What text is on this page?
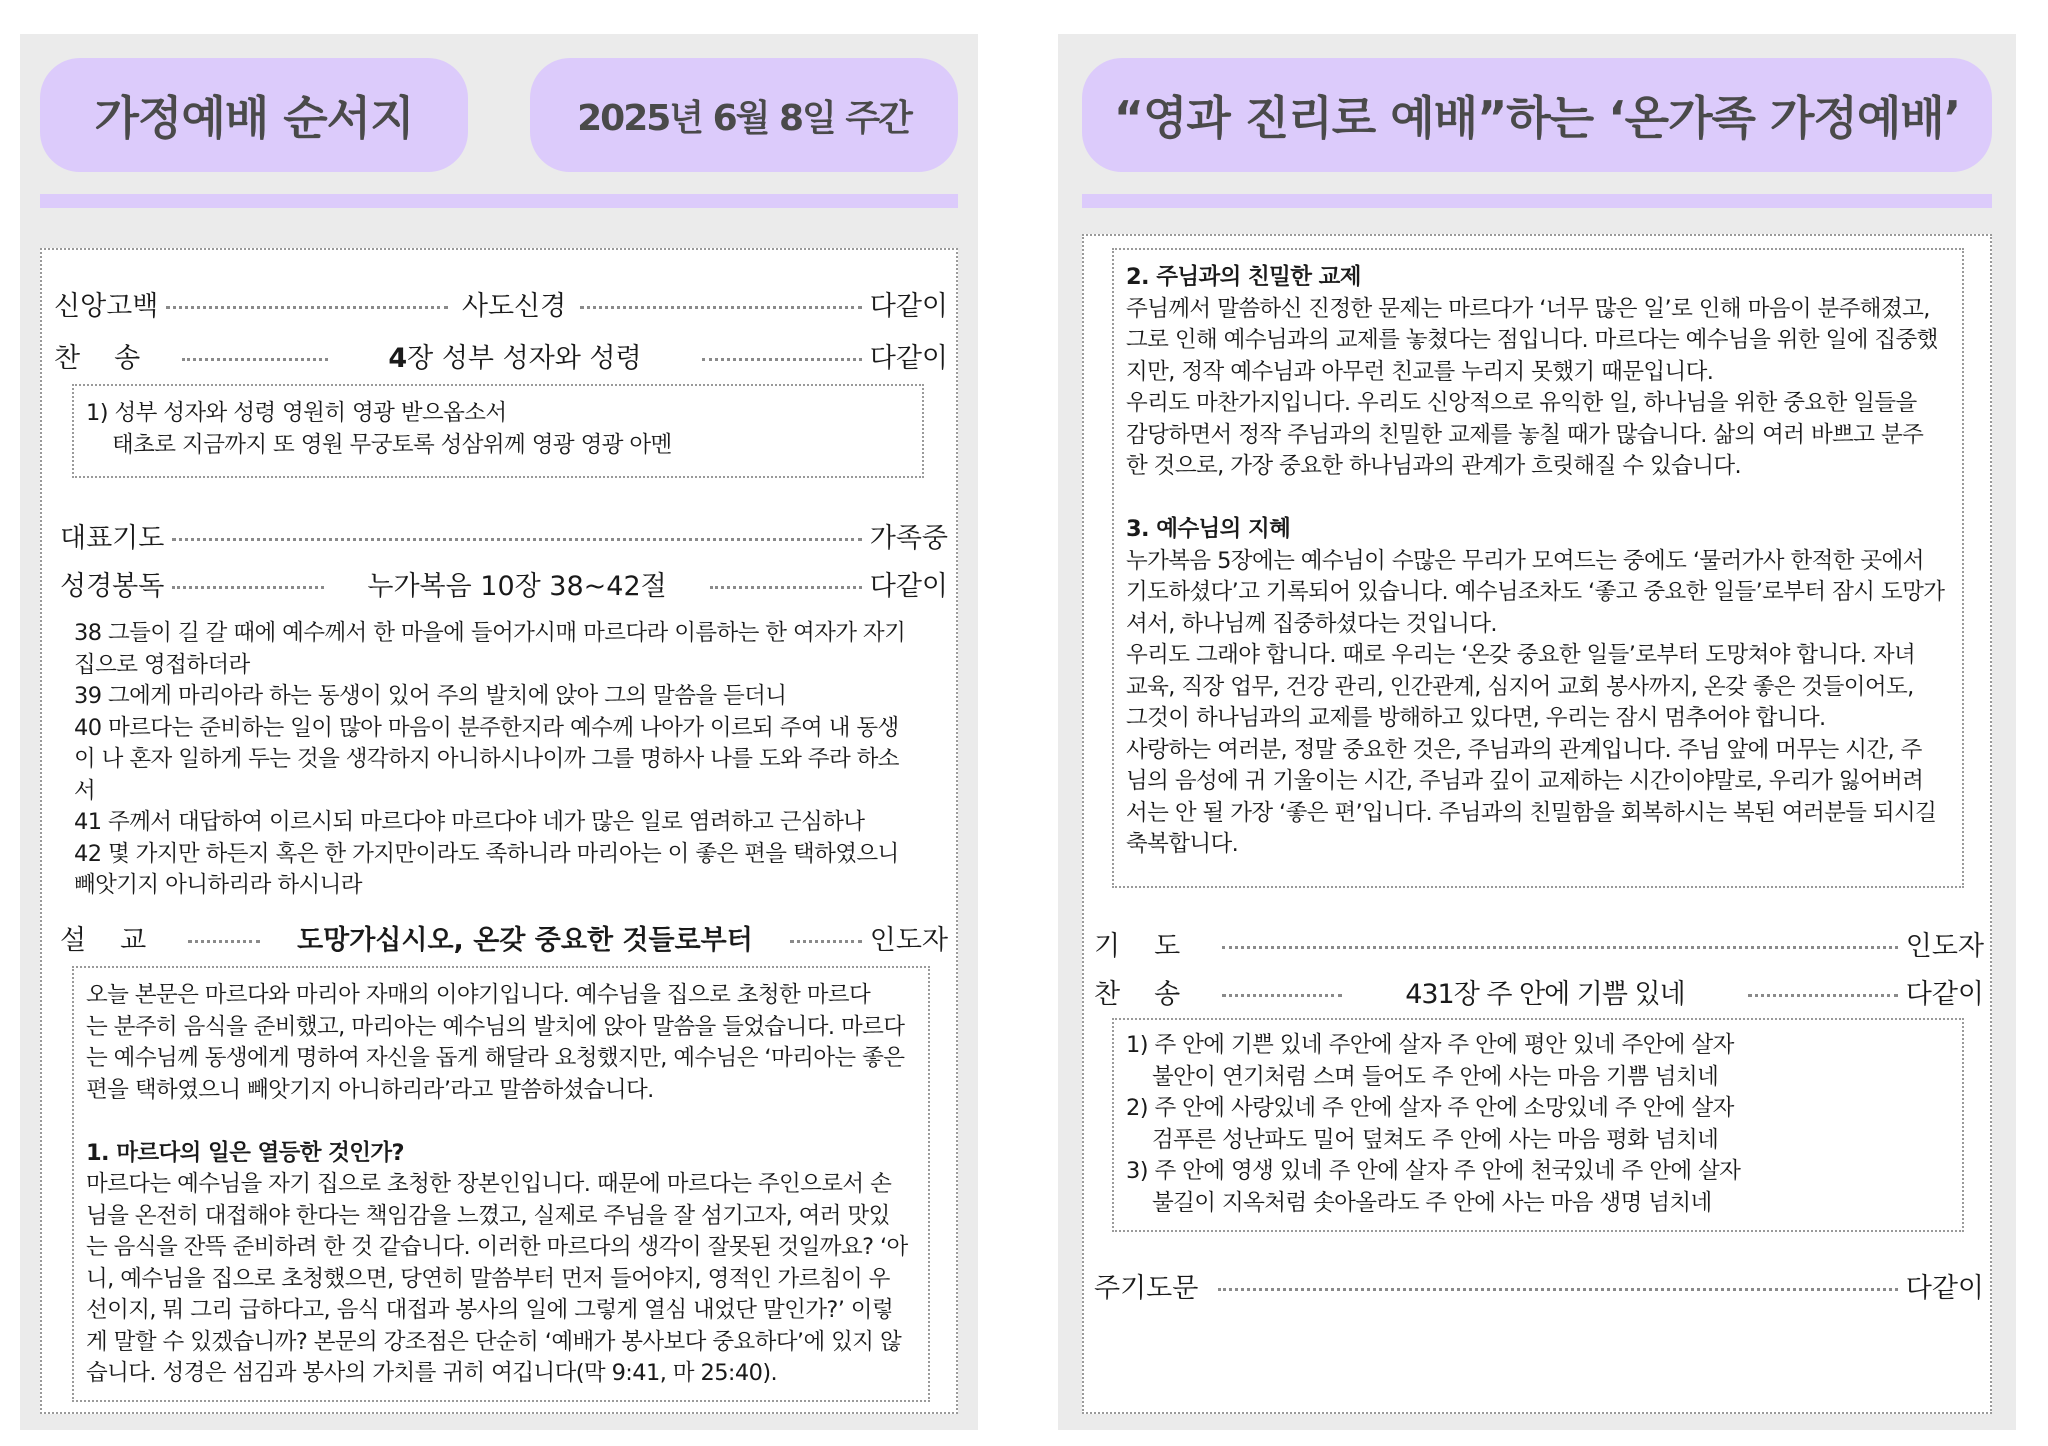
가정예배 순서지	2025년 6월 8일 주간
신앙고백	사도신경	다같이
찬송	4장 성부 성자와 성령	다같이

1) 성부 성자와 성령 영원히 영광 받으옵소서

태초로 지금까지 또 영원 무궁토록 성삼위께 영광 영광 아멘

대표기도	가족중
성경봉독	누가복음 10장 38~42절	다같이

38 그들이 길 갈 때에 예수께서 한 마을에 들어가시매 마르다라 이름하는 한 여자가 자기

집으로 영접하더라

39 그에게 마리아라 하는 동생이 있어 주의 발치에 앉아 그의 말씀을 듣더니

40 마르다는 준비하는 일이 많아 마음이 분주한지라 예수께 나아가 이르되 주여 내 동생

이 나 혼자 일하게 두는 것을 생각하지 아니하시나이까 그를 명하사 나를 도와 주라 하소

서

41 주께서 대답하여 이르시되 마르다야 마르다야 네가 많은 일로 염려하고 근심하나

42 몇 가지만 하든지 혹은 한 가지만이라도 족하니라 마리아는 이 좋은 편을 택하였으니

빼앗기지 아니하리라 하시니라

설교	도망가십시오, 온갖 중요한 것들로부터	인도자

오늘 본문은 마르다와 마리아 자매의 이야기입니다. 예수님을 집으로 초청한 마르다

는 분주히 음식을 준비했고, 마리아는 예수님의 발치에 앉아 말씀을 들었습니다. 마르다

는 예수님께 동생에게 명하여 자신을 돕게 해달라 요청했지만, 예수님은 ‘마리아는 좋은

편을 택하였으니 빼앗기지 아니하리라’라고 말씀하셨습니다.

1. 마르다의 일은 열등한 것인가?

마르다는 예수님을 자기 집으로 초청한 장본인입니다. 때문에 마르다는 주인으로서 손

님을 온전히 대접해야 한다는 책임감을 느꼈고, 실제로 주님을 잘 섬기고자, 여러 맛있

는 음식을 잔뜩 준비하려 한 것 같습니다. 이러한 마르다의 생각이 잘못된 것일까요? ‘아

니, 예수님을 집으로 초청했으면, 당연히 말씀부터 먼저 들어야지, 영적인 가르침이 우

선이지, 뭐 그리 급하다고, 음식 대접과 봉사의 일에 그렇게 열심 내었단 말인가?’ 이렇

게 말할 수 있겠습니까? 본문의 강조점은 단순히 ‘예배가 봉사보다 중요하다’에 있지 않

습니다. 성경은 섬김과 봉사의 가치를 귀히 여깁니다(막 9:41, 마 25:40).

“영과 진리로 예배”하는 ‘온가족 가정예배’

2. 주님과의 친밀한 교제

주님께서 말씀하신 진정한 문제는 마르다가 ‘너무 많은 일’로 인해 마음이 분주해졌고,

그로 인해 예수님과의 교제를 놓쳤다는 점입니다. 마르다는 예수님을 위한 일에 집중했

지만, 정작 예수님과 아무런 친교를 누리지 못했기 때문입니다.

우리도 마찬가지입니다. 우리도 신앙적으로 유익한 일, 하나님을 위한 중요한 일들을

감당하면서 정작 주님과의 친밀한 교제를 놓칠 때가 많습니다. 삶의 여러 바쁘고 분주

한 것으로, 가장 중요한 하나님과의 관계가 흐릿해질 수 있습니다.

3. 예수님의 지혜

누가복음 5장에는 예수님이 수많은 무리가 모여드는 중에도 ‘물러가사 한적한 곳에서

기도하셨다’고 기록되어 있습니다. 예수님조차도 ‘좋고 중요한 일들’로부터 잠시 도망가

셔서, 하나님께 집중하셨다는 것입니다.

우리도 그래야 합니다. 때로 우리는 ‘온갖 중요한 일들’로부터 도망쳐야 합니다. 자녀

교육, 직장 업무, 건강 관리, 인간관계, 심지어 교회 봉사까지, 온갖 좋은 것들이어도,

그것이 하나님과의 교제를 방해하고 있다면, 우리는 잠시 멈추어야 합니다.

사랑하는 여러분, 정말 중요한 것은, 주님과의 관계입니다. 주님 앞에 머무는 시간, 주

님의 음성에 귀 기울이는 시간, 주님과 깊이 교제하는 시간이야말로, 우리가 잃어버려

서는 안 될 가장 ‘좋은 편’입니다. 주님과의 친밀함을 회복하시는 복된 여러분들 되시길

축복합니다.

기도	인도자
찬송	431장 주 안에 기쁨 있네	다같이

1) 주 안에 기쁜 있네 주안에 살자 주 안에 평안 있네 주안에 살자

불안이 연기처럼 스며 들어도 주 안에 사는 마음 기쁨 넘치네

2) 주 안에 사랑있네 주 안에 살자 주 안에 소망있네 주 안에 살자

검푸른 성난파도 밀어 덮쳐도 주 안에 사는 마음 평화 넘치네

3) 주 안에 영생 있네 주 안에 살자 주 안에 천국있네 주 안에 살자

불길이 지옥처럼 솟아올라도 주 안에 사는 마음 생명 넘치네

주기도문	다같이
